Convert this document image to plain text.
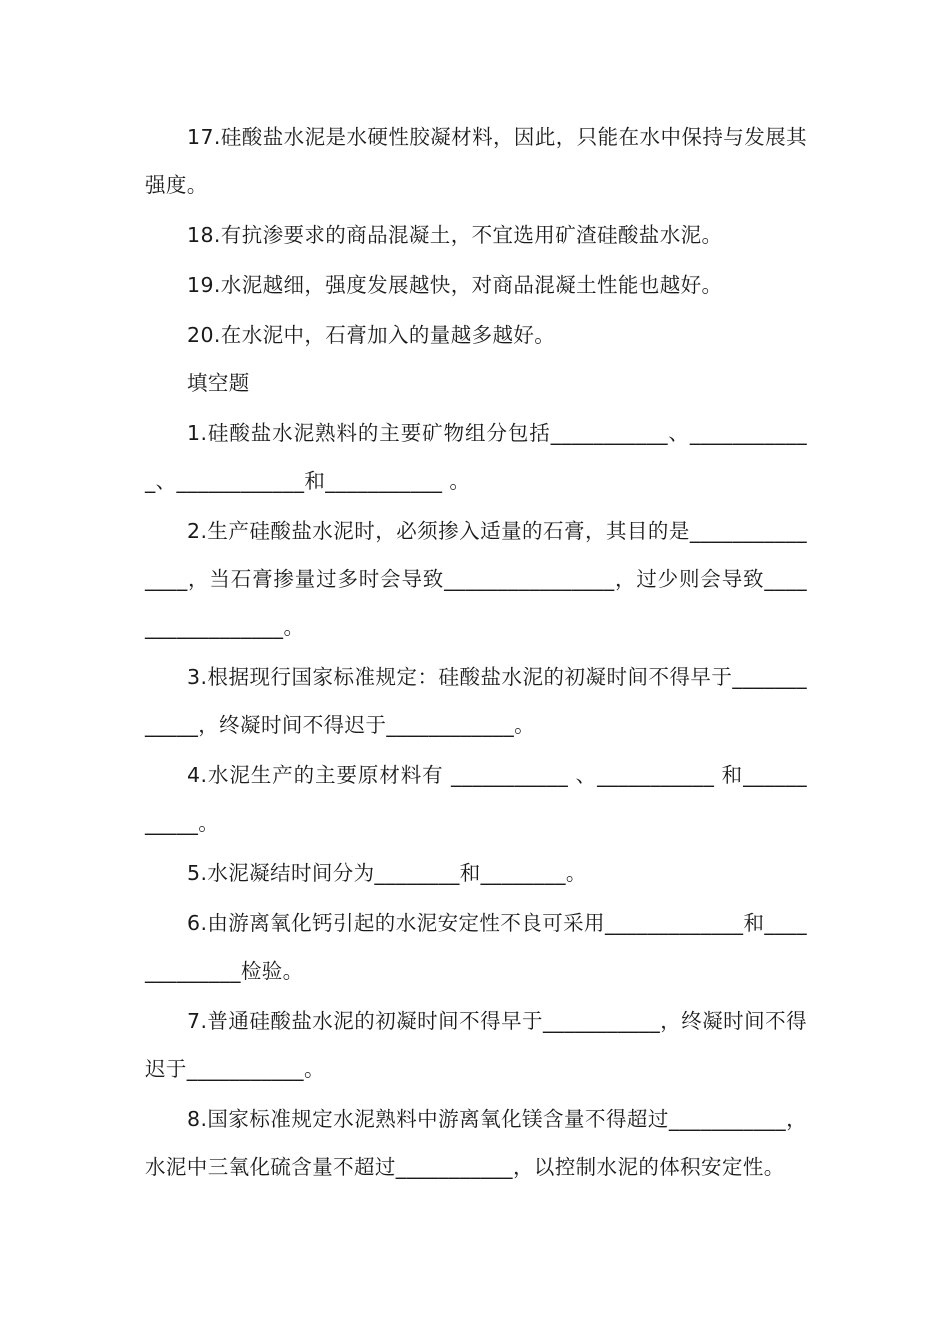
17.硅酸盐水泥是水硬性胶凝材料，因此，只能在水中保持与发展其强度。

18.有抗渗要求的商品混凝土，不宜选用矿渣硅酸盐水泥。

19.水泥越细，强度发展越快，对商品混凝土性能也越好。

20.在水泥中，石膏加入的量越多越好。

填空题

1.硅酸盐水泥熟料的主要矿物组分包括___________、____________、____________和___________ 。

2.生产硅酸盐水泥时，必须掺入适量的石膏，其目的是_______________，当石膏掺量过多时会导致________________，过少则会导致_________________。

3.根据现行国家标准规定：硅酸盐水泥的初凝时间不得早于____________，终凝时间不得迟于____________。

4.水泥生产的主要原材料有 ___________ 、___________ 和___________。

5.水泥凝结时间分为________和________。

6.由游离氧化钙引起的水泥安定性不良可采用_____________和_____________检验。

7.普通硅酸盐水泥的初凝时间不得早于___________，终凝时间不得迟于___________。

8.国家标准规定水泥熟料中游离氧化镁含量不得超过___________，水泥中三氧化硫含量不超过___________，以控制水泥的体积安定性。
